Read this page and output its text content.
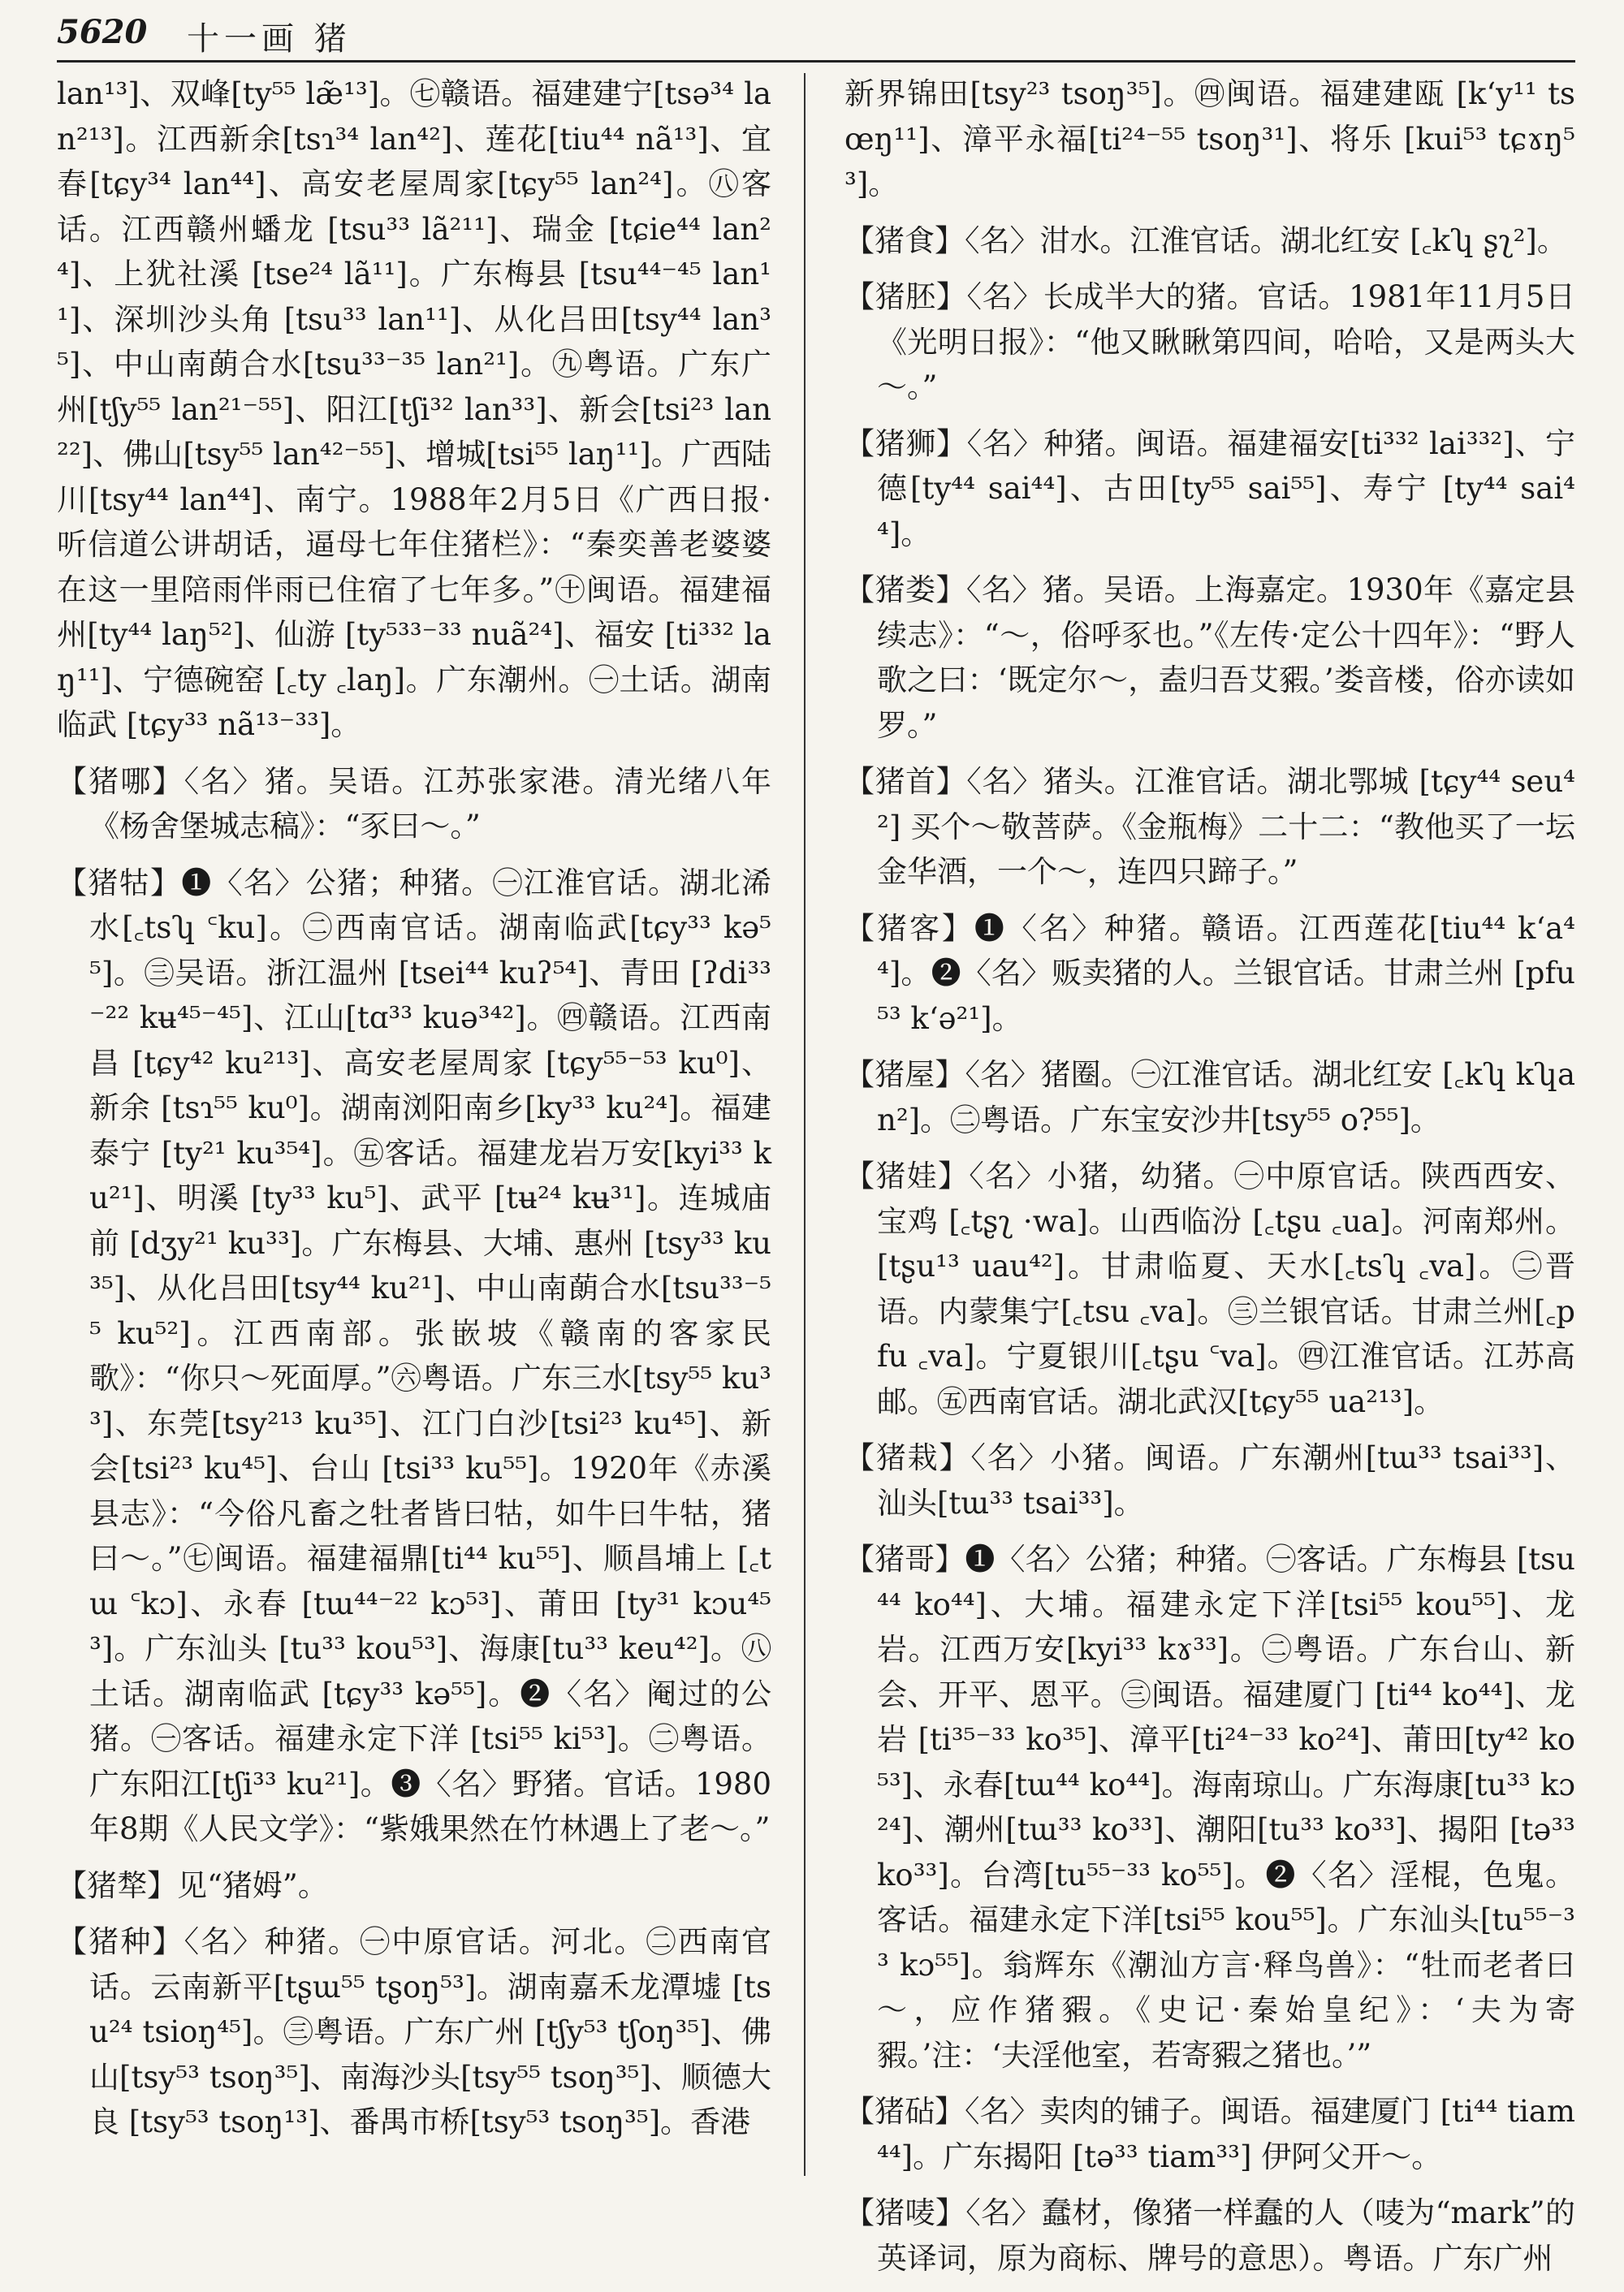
5620 十一画 猪

lan¹³]、双峰[ty⁵⁵ læ̃¹³]。㊆赣语。福建建宁[tsə³⁴ lan²¹³]。江西新余[tsɿ³⁴ lan⁴²]、莲花[tiu⁴⁴ nã¹³]、宜春[tɕy³⁴ lan⁴⁴]、高安老屋周家[tɕy⁵⁵ lan²⁴]。㊇客话。江西赣州蟠龙 [tsu³³ lã²¹¹]、瑞金 [tɕie⁴⁴ lan²⁴]、上犹社溪 [tse²⁴ lã¹¹]。广东梅县 [tsu⁴⁴⁻⁴⁵ lan¹¹]、深圳沙头角 [tsu³³ lan¹¹]、从化吕田[tsy⁴⁴ lan³⁵]、中山南蓢合水[tsu³³⁻³⁵ lan²¹]。㊈粤语。广东广州[tʃy⁵⁵ lan²¹⁻⁵⁵]、阳江[tʃi³² lan³³]、新会[tsi²³ lan²²]、佛山[tsy⁵⁵ lan⁴²⁻⁵⁵]、增城[tsi⁵⁵ laŋ¹¹]。广西陆川[tsy⁴⁴ lan⁴⁴]、南宁。1988年2月5日《广西日报·听信道公讲胡话，逼母七年住猪栏》：“秦奕善老婆婆在这一里陪雨伴雨已住宿了七年多。”㊉闽语。福建福州[ty⁴⁴ laŋ⁵²]、仙游 [ty⁵³³⁻³³ nuã²⁴]、福安 [ti³³² laŋ¹¹]、宁德碗窑 [꜀ty ꜀laŋ]。广东潮州。㊀土话。湖南临武 [tɕy³³ nã¹³⁻³³]。

【猪哪】〈名〉猪。吴语。江苏张家港。清光绪八年《杨舍堡城志稿》：“豕曰～。”

【猪牯】❶〈名〉公猪；种猪。㊀江淮官话。湖北浠水[꜀tsʮ ꜂ku]。㊁西南官话。湖南临武[tɕy³³ kə⁵⁵]。㊂吴语。浙江温州 [tsei⁴⁴ kuʔ⁵⁴]、青田 [ʔdi³³⁻²² kʉ⁴⁵⁻⁴⁵]、江山[tɑ³³ kuə³⁴²]。㊃赣语。江西南昌 [tɕy⁴² ku²¹³]、高安老屋周家 [tɕy⁵⁵⁻⁵³ ku⁰]、新余 [tsɿ⁵⁵ ku⁰]。湖南浏阳南乡[ky³³ ku²⁴]。福建泰宁 [ty²¹ ku³⁵⁴]。㊄客话。福建龙岩万安[kyi³³ ku²¹]、明溪 [ty³³ ku⁵]、武平 [tʉ²⁴ kʉ³¹]。连城庙前 [dʒy²¹ ku³³]。广东梅县、大埔、惠州 [tsy³³ ku³⁵]、从化吕田[tsy⁴⁴ ku²¹]、中山南蓢合水[tsu³³⁻⁵⁵ ku⁵²]。江西南部。张嵌坡《赣南的客家民歌》：“你只～死面厚。”㊅粤语。广东三水[tsy⁵⁵ ku³³]、东莞[tsy²¹³ ku³⁵]、江门白沙[tsi²³ ku⁴⁵]、新会[tsi²³ ku⁴⁵]、台山 [tsi³³ ku⁵⁵]。1920年《赤溪县志》：“今俗凡畜之牡者皆曰牯，如牛曰牛牯，猪曰～。”㊆闽语。福建福鼎[ti⁴⁴ ku⁵⁵]、顺昌埔上 [꜀tɯ ꜂kɔ]、永春 [tɯ⁴⁴⁻²² kɔ⁵³]、莆田 [ty³¹ kɔu⁴⁵³]。广东汕头 [tu³³ kou⁵³]、海康[tu³³ keu⁴²]。㊇土话。湖南临武 [tɕy³³ kə⁵⁵]。❷〈名〉阉过的公猪。㊀客话。福建永定下洋 [tsi⁵⁵ ki⁵³]。㊁粤语。广东阳江[tʃi³³ ku²¹]。❸〈名〉野猪。官话。1980年8期《人民文学》：“紫娥果然在竹林遇上了老～。”

【猪㹈】见“猪姆”。

【猪种】〈名〉种猪。㊀中原官话。河北。㊁西南官话。云南新平[tʂɯ⁵⁵ tʂoŋ⁵³]。湖南嘉禾龙潭墟 [tsu²⁴ tsioŋ⁴⁵]。㊂粤语。广东广州 [tʃy⁵³ tʃoŋ³⁵]、佛山[tsy⁵³ tsoŋ³⁵]、南海沙头[tsy⁵⁵ tsoŋ³⁵]、顺德大良 [tsy⁵³ tsoŋ¹³]、番禺市桥[tsy⁵³ tsoŋ³⁵]。香港

新界锦田[tsy²³ tsoŋ³⁵]。㊃闽语。福建建瓯 [k‘y¹¹ tsœŋ¹¹]、漳平永福[ti²⁴⁻⁵⁵ tsoŋ³¹]、将乐 [kui⁵³ tɕɤŋ⁵³]。

【猪食】〈名〉泔水。江淮官话。湖北红安 [꜀kʮ ʂʅ²]。

【猪胚】〈名〉长成半大的猪。官话。1981年11月5日《光明日报》：“他又瞅瞅第四间，哈哈，又是两头大～。”

【猪狮】〈名〉种猪。闽语。福建福安[ti³³² lai³³²]、宁德[ty⁴⁴ sai⁴⁴]、古田[ty⁵⁵ sai⁵⁵]、寿宁 [ty⁴⁴ sai⁴⁴]。

【猪娄】〈名〉猪。吴语。上海嘉定。1930年《嘉定县续志》：“～，俗呼豕也。”《左传·定公十四年》：“野人歌之曰：‘既定尔～，盍归吾艾豭。’娄音楼，俗亦读如罗。”

【猪首】〈名〉猪头。江淮官话。湖北鄂城 [tɕy⁴⁴ seu⁴²] 买个～敬菩萨。《金瓶梅》二十二：“教他买了一坛金华酒，一个～，连四只蹄子。”

【猪客】❶〈名〉种猪。赣语。江西莲花[tiu⁴⁴ k‘a⁴⁴]。❷〈名〉贩卖猪的人。兰银官话。甘肃兰州 [pfu⁵³ k‘ə²¹]。

【猪屋】〈名〉猪圈。㊀江淮官话。湖北红安 [꜀kʮ kʮan²]。㊁粤语。广东宝安沙井[tsy⁵⁵ o?⁵⁵]。

【猪娃】〈名〉小猪，幼猪。㊀中原官话。陕西西安、宝鸡 [꜀tʂʅ ·wa]。山西临汾 [꜀tʂu ꜀ua]。河南郑州。[tʂu¹³ uau⁴²]。甘肃临夏、天水[꜀tsʮ ꜀va]。㊁晋语。内蒙集宁[꜀tsu ꜀va]。㊂兰银官话。甘肃兰州[꜀pfu ꜀va]。宁夏银川[꜀tʂu ꜂va]。㊃江淮官话。江苏高邮。㊄西南官话。湖北武汉[tɕy⁵⁵ ua²¹³]。

【猪栽】〈名〉小猪。闽语。广东潮州[tɯ³³ tsai³³]、汕头[tɯ³³ tsai³³]。

【猪哥】❶〈名〉公猪；种猪。㊀客话。广东梅县 [tsu⁴⁴ ko⁴⁴]、大埔。福建永定下洋[tsi⁵⁵ kou⁵⁵]、龙岩。江西万安[kyi³³ kɤ³³]。㊁粤语。广东台山、新会、开平、恩平。㊂闽语。福建厦门 [ti⁴⁴ ko⁴⁴]、龙岩 [ti³⁵⁻³³ ko³⁵]、漳平[ti²⁴⁻³³ ko²⁴]、莆田[ty⁴² ko⁵³]、永春[tɯ⁴⁴ ko⁴⁴]。海南琼山。广东海康[tu³³ kɔ²⁴]、潮州[tɯ³³ ko³³]、潮阳[tu³³ ko³³]、揭阳 [tə³³ ko³³]。台湾[tu⁵⁵⁻³³ ko⁵⁵]。❷〈名〉淫棍，色鬼。客话。福建永定下洋[tsi⁵⁵ kou⁵⁵]。广东汕头[tu⁵⁵⁻³³ kɔ⁵⁵]。翁辉东《潮汕方言·释鸟兽》：“牡而老者曰～，应作猪豭。《史记·秦始皇纪》：‘夫为寄豭。’注：‘夫淫他室，若寄豭之猪也。’”

【猪砧】〈名〉卖肉的铺子。闽语。福建厦门 [ti⁴⁴ tiam⁴⁴]。广东揭阳 [tə³³ tiam³³] 伊阿父开～。

【猪唛】〈名〉蠢材，像猪一样蠢的人（唛为“mark”的英译词，原为商标、牌号的意思）。粤语。广东广州
